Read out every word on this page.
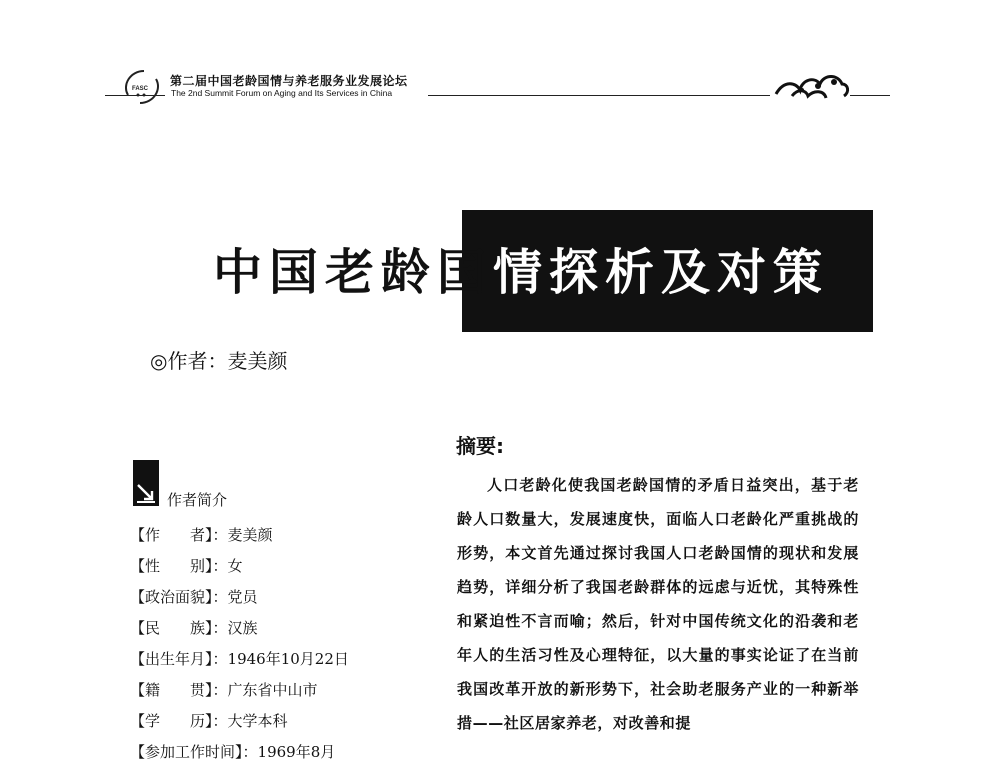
FASC
第二届中国老龄国情与养老服务业发展论坛
The 2nd Summit Forum on Aging and Its Services in China
中国老龄国情探析及对策
◎作者：麦美颜
作者简介
【作　　者】：麦美颜
【性　　别】：女
【政治面貌】：党员
【民　　族】：汉族
【出生年月】：1946年10月22日
【籍　　贯】：广东省中山市
【学　　历】：大学本科
【参加工作时间】：1969年8月
摘要:

人口老龄化使我国老龄国情的矛盾日益突出，基于老龄人口数量大，发展速度快，面临人口老龄化严重挑战的形势，本文首先通过探讨我国人口老龄国情的现状和发展趋势，详细分析了我国老龄群体的远虑与近忧，其特殊性和紧迫性不言而喻；然后，针对中国传统文化的沿袭和老年人的生活习性及心理特征，以大量的事实论证了在当前我国改革开放的新形势下，社会助老服务产业的一种新举措——社区居家养老，对改善和提
